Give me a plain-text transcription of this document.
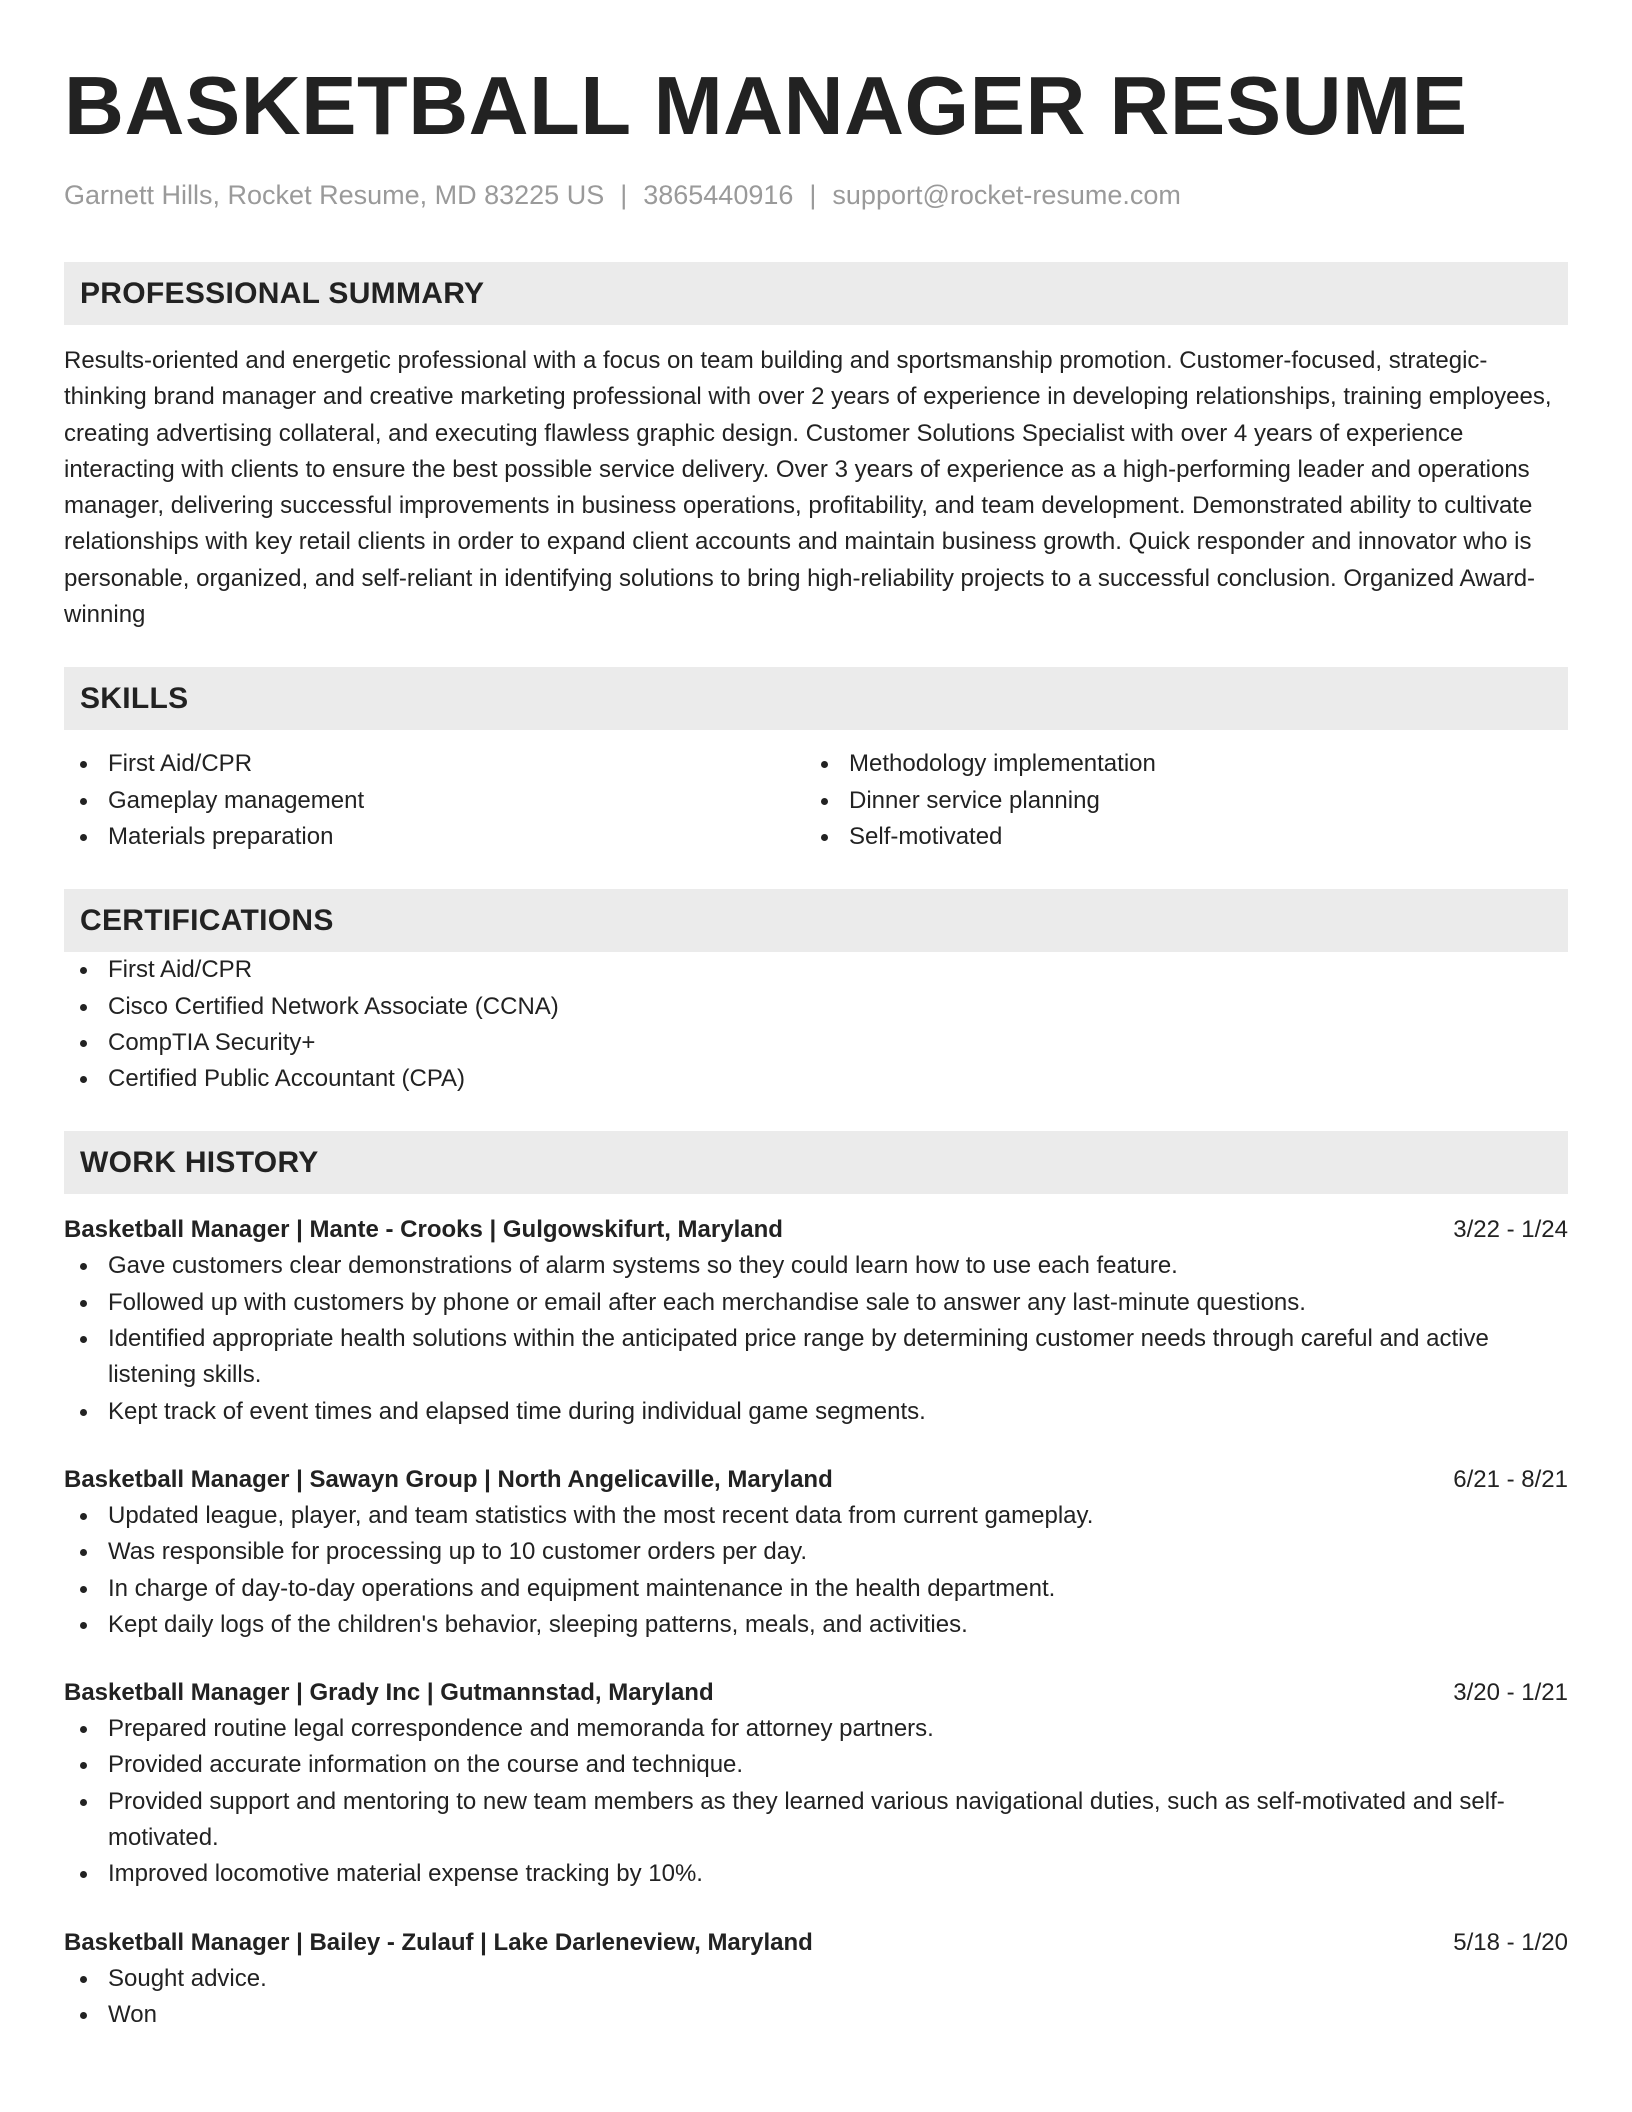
BASKETBALL MANAGER RESUME
Garnett Hills, Rocket Resume, MD 83225 US | 3865440916 | support@rocket-resume.com
PROFESSIONAL SUMMARY

Results-oriented and energetic professional with a focus on team building and sportsmanship promotion. Customer-focused, strategic-thinking brand manager and creative marketing professional with over 2 years of experience in developing relationships, training employees, creating advertising collateral, and executing flawless graphic design. Customer Solutions Specialist with over 4 years of experience interacting with clients to ensure the best possible service delivery. Over 3 years of experience as a high-performing leader and operations manager, delivering successful improvements in business operations, profitability, and team development. Demonstrated ability to cultivate relationships with key retail clients in order to expand client accounts and maintain business growth. Quick responder and innovator who is personable, organized, and self-reliant in identifying solutions to bring high-reliability projects to a successful conclusion. Organized Award-winning

SKILLS
First Aid/CPR
Gameplay management
Materials preparation
Methodology implementation
Dinner service planning
Self-motivated
CERTIFICATIONS
First Aid/CPR
Cisco Certified Network Associate (CCNA)
CompTIA Security+
Certified Public Accountant (CPA)
WORK HISTORY
Basketball Manager | Mante - Crooks | Gulgowskifurt, Maryland	3/22 - 1/24
Gave customers clear demonstrations of alarm systems so they could learn how to use each feature.
Followed up with customers by phone or email after each merchandise sale to answer any last-minute questions.
Identified appropriate health solutions within the anticipated price range by determining customer needs through careful and active listening skills.
Kept track of event times and elapsed time during individual game segments.
Basketball Manager | Sawayn Group | North Angelicaville, Maryland	6/21 - 8/21
Updated league, player, and team statistics with the most recent data from current gameplay.
Was responsible for processing up to 10 customer orders per day.
In charge of day-to-day operations and equipment maintenance in the health department.
Kept daily logs of the children's behavior, sleeping patterns, meals, and activities.
Basketball Manager | Grady Inc | Gutmannstad, Maryland	3/20 - 1/21
Prepared routine legal correspondence and memoranda for attorney partners.
Provided accurate information on the course and technique.
Provided support and mentoring to new team members as they learned various navigational duties, such as self-motivated and self-motivated.
Improved locomotive material expense tracking by 10%.
Basketball Manager | Bailey - Zulauf | Lake Darleneview, Maryland	5/18 - 1/20
Sought advice.
Won
